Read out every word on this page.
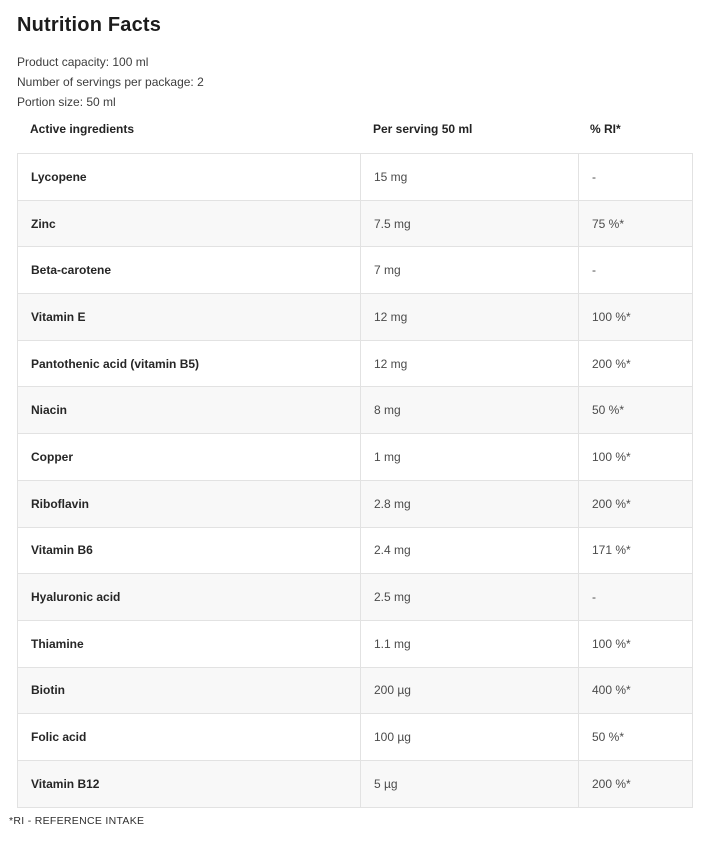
Nutrition Facts

Product capacity: 100 ml

Number of servings per package: 2

Portion size: 50 ml

Active ingredients	Per serving 50 ml	% RI*
Lycopene	15 mg	-
Zinc	7.5 mg	75 %*
Beta-carotene	7 mg	-
Vitamin E	12 mg	100 %*
Pantothenic acid (vitamin B5)	12 mg	200 %*
Niacin	8 mg	50 %*
Copper	1 mg	100 %*
Riboflavin	2.8 mg	200 %*
Vitamin B6	2.4 mg	171 %*
Hyaluronic acid	2.5 mg	-
Thiamine	1.1 mg	100 %*
Biotin	200 µg	400 %*
Folic acid	100 µg	50 %*
Vitamin B12	5 µg	200 %*

*RI - REFERENCE INTAKE
